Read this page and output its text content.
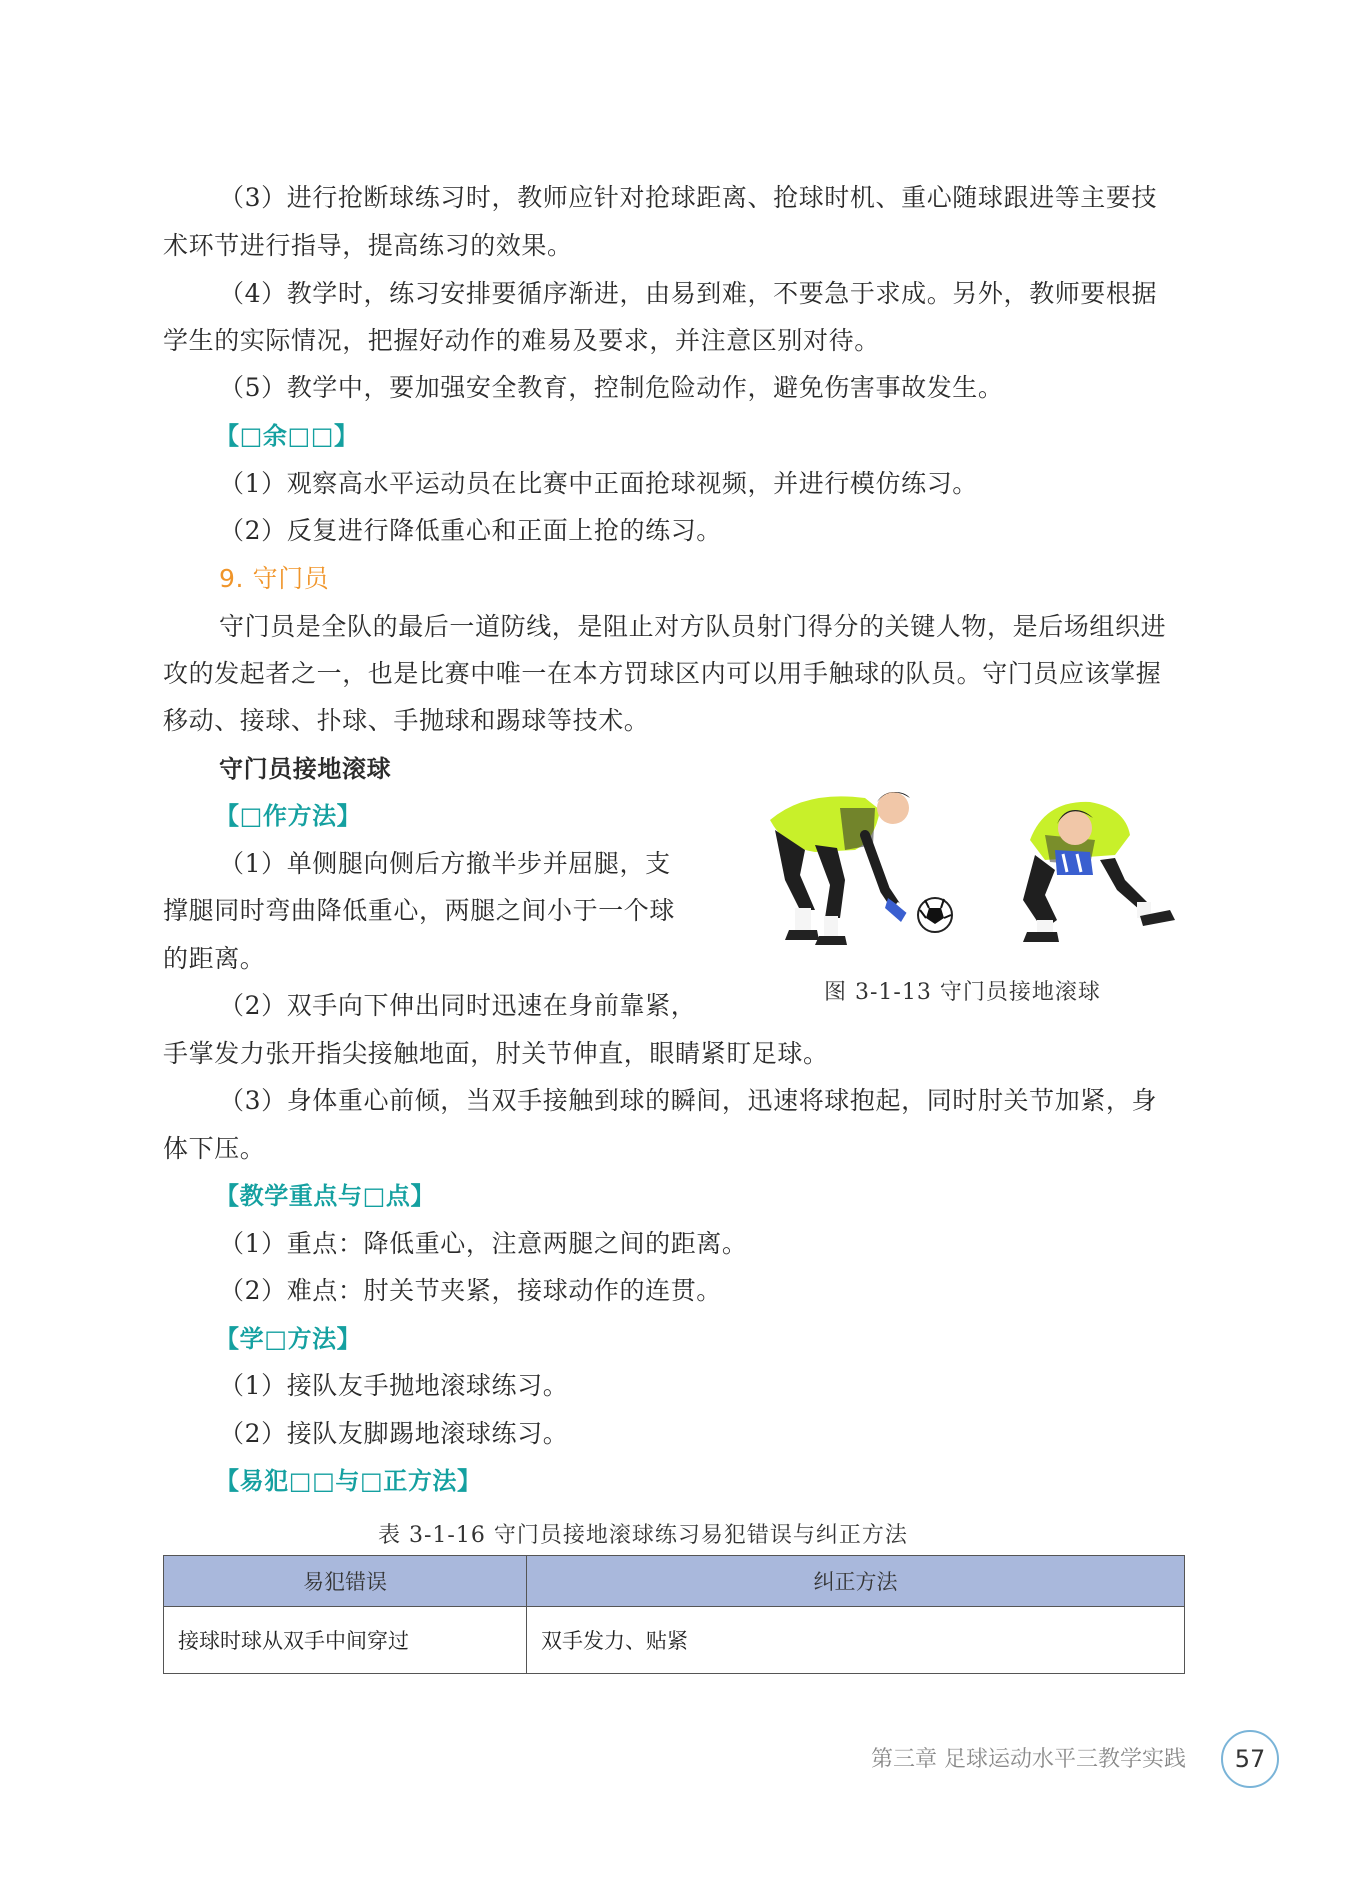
（3）进行抢断球练习时，教师应针对抢球距离、抢球时机、重心随球跟进等主要技
术环节进行指导，提高练习的效果。
（4）教学时，练习安排要循序渐进，由易到难，不要急于求成。另外，教师要根据
学生的实际情况，把握好动作的难易及要求，并注意区别对待。
（5）教学中，要加强安全教育，控制危险动作，避免伤害事故发生。
【□余□□】
（1）观察高水平运动员在比赛中正面抢球视频，并进行模仿练习。
（2）反复进行降低重心和正面上抢的练习。
9. 守门员
守门员是全队的最后一道防线，是阻止对方队员射门得分的关键人物，是后场组织进
攻的发起者之一，也是比赛中唯一在本方罚球区内可以用手触球的队员。守门员应该掌握
移动、接球、扑球、手抛球和踢球等技术。
守门员接地滚球
【□作方法】
（1）单侧腿向侧后方撤半步并屈腿，支
撑腿同时弯曲降低重心，两腿之间小于一个球
的距离。
（2）双手向下伸出同时迅速在身前靠紧，
手掌发力张开指尖接触地面，肘关节伸直，眼睛紧盯足球。
（3）身体重心前倾，当双手接触到球的瞬间，迅速将球抱起，同时肘关节加紧，身
体下压。
【教学重点与□点】
（1）重点：降低重心，注意两腿之间的距离。
（2）难点：肘关节夹紧，接球动作的连贯。
【学□方法】
（1）接队友手抛地滚球练习。
（2）接队友脚踢地滚球练习。
【易犯□□与□正方法】
图 3-1-13 守门员接地滚球
表 3-1-16 守门员接地滚球练习易犯错误与纠正方法
易犯错误	纠正方法
接球时球从双手中间穿过	双手发力、贴紧
第三章 足球运动水平三教学实践	57
